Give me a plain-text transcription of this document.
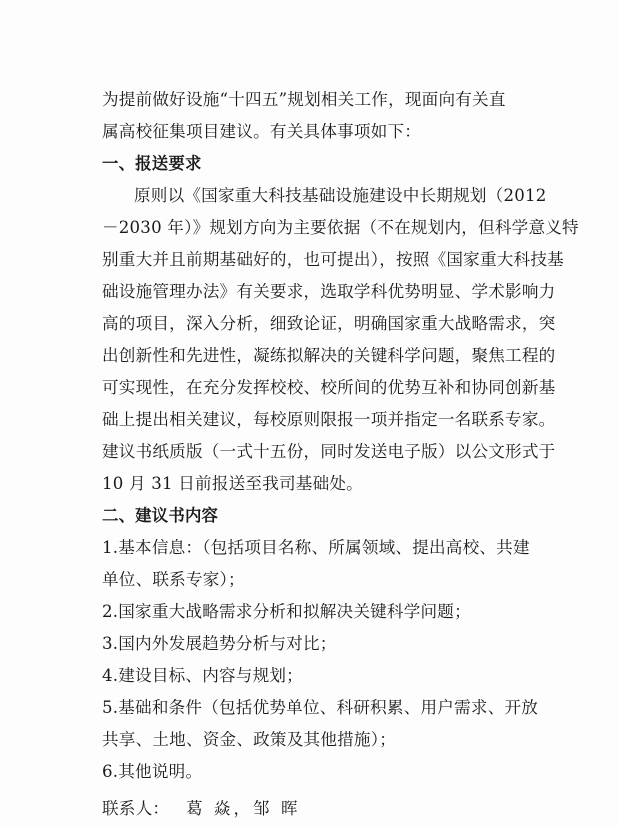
为提前做好设施“十四五”规划相关工作，现面向有关直
属高校征集项目建议。有关具体事项如下：
一、报送要求
原则以《国家重大科技基础设施建设中长期规划（2012
－2030 年）》规划方向为主要依据（不在规划内，但科学意义特
别重大并且前期基础好的，也可提出），按照《国家重大科技基
础设施管理办法》有关要求，选取学科优势明显、学术影响力
高的项目，深入分析，细致论证，明确国家重大战略需求，突
出创新性和先进性，凝练拟解决的关键科学问题，聚焦工程的
可实现性，在充分发挥校校、校所间的优势互补和协同创新基
础上提出相关建议，每校原则限报一项并指定一名联系专家。
建议书纸质版（一式十五份，同时发送电子版）以公文形式于
10 月 31 日前报送至我司基础处。
二、建议书内容
1.基本信息：（包括项目名称、所属领域、提出高校、共建
单位、联系专家）；
2.国家重大战略需求分析和拟解决关键科学问题；
3.国内外发展趋势分析与对比；
4.建设目标、内容与规划；
5.基础和条件（包括优势单位、科研积累、用户需求、开放
共享、土地、资金、政策及其他措施）；
6.其他说明。
联系人： 葛 焱，邹 晖
